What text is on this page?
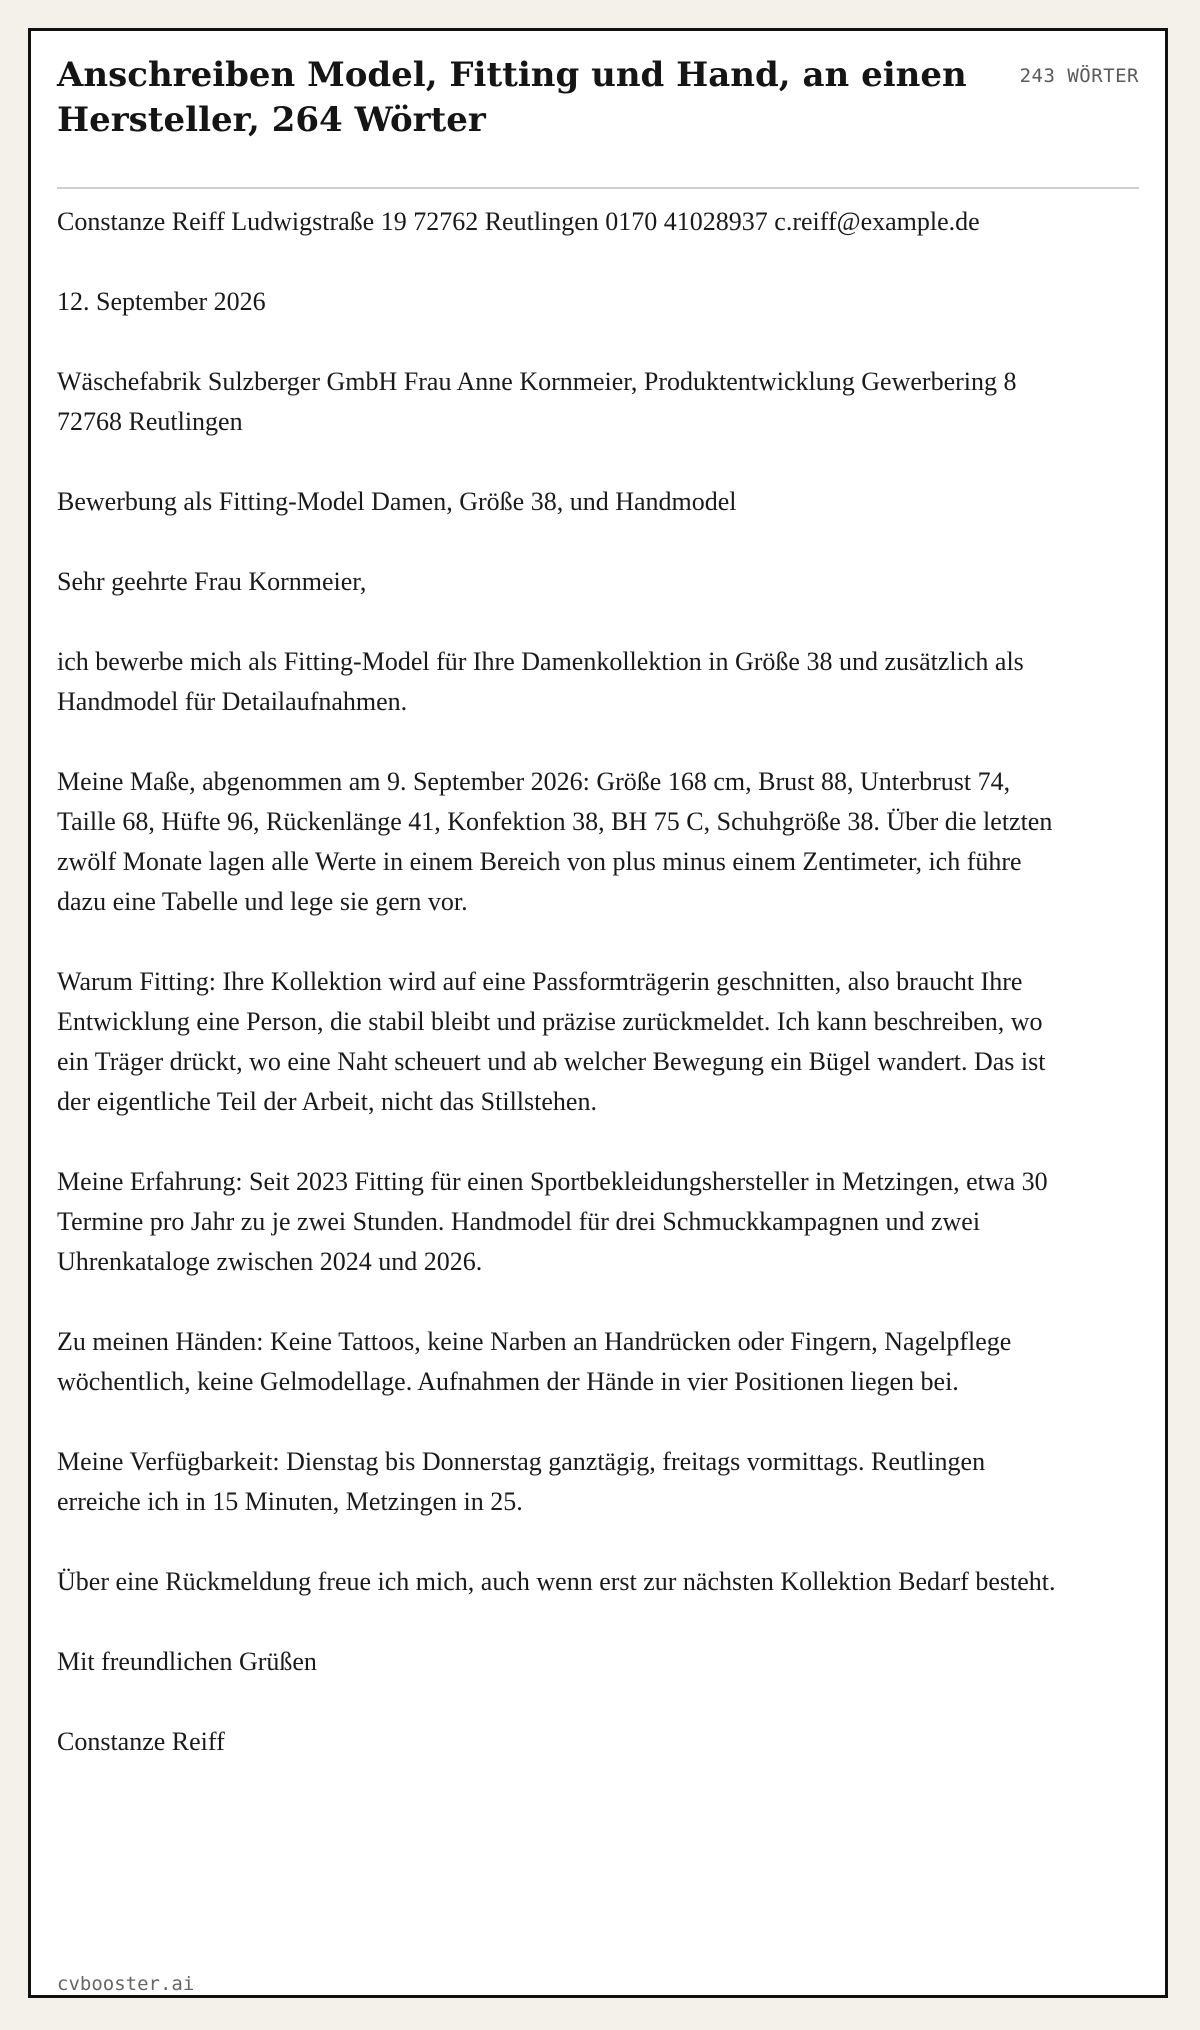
Anschreiben Model, Fitting und Hand, an einen Hersteller, 264 Wörter
243 WÖRTER

Constanze Reiff Ludwigstraße 19 72762 Reutlingen 0170 41028937 c.reiff@example.de

12. September 2026

Wäschefabrik Sulzberger GmbH Frau Anne Kornmeier, Produktentwicklung Gewerbering 8 72768 Reutlingen

Bewerbung als Fitting-Model Damen, Größe 38, und Handmodel

Sehr geehrte Frau Kornmeier,

ich bewerbe mich als Fitting-Model für Ihre Damenkollektion in Größe 38 und zusätzlich als Handmodel für Detailaufnahmen.

Meine Maße, abgenommen am 9. September 2026: Größe 168 cm, Brust 88, Unterbrust 74, Taille 68, Hüfte 96, Rückenlänge 41, Konfektion 38, BH 75 C, Schuhgröße 38. Über die letzten zwölf Monate lagen alle Werte in einem Bereich von plus minus einem Zentimeter, ich führe dazu eine Tabelle und lege sie gern vor.

Warum Fitting: Ihre Kollektion wird auf eine Passformträgerin geschnitten, also braucht Ihre Entwicklung eine Person, die stabil bleibt und präzise zurückmeldet. Ich kann beschreiben, wo ein Träger drückt, wo eine Naht scheuert und ab welcher Bewegung ein Bügel wandert. Das ist der eigentliche Teil der Arbeit, nicht das Stillstehen.

Meine Erfahrung: Seit 2023 Fitting für einen Sportbekleidungshersteller in Metzingen, etwa 30 Termine pro Jahr zu je zwei Stunden. Handmodel für drei Schmuckkampagnen und zwei Uhrenkataloge zwischen 2024 und 2026.

Zu meinen Händen: Keine Tattoos, keine Narben an Handrücken oder Fingern, Nagelpflege wöchentlich, keine Gelmodellage. Aufnahmen der Hände in vier Positionen liegen bei.

Meine Verfügbarkeit: Dienstag bis Donnerstag ganztägig, freitags vormittags. Reutlingen erreiche ich in 15 Minuten, Metzingen in 25.

Über eine Rückmeldung freue ich mich, auch wenn erst zur nächsten Kollektion Bedarf besteht.

Mit freundlichen Grüßen

Constanze Reiff

cvbooster.ai
